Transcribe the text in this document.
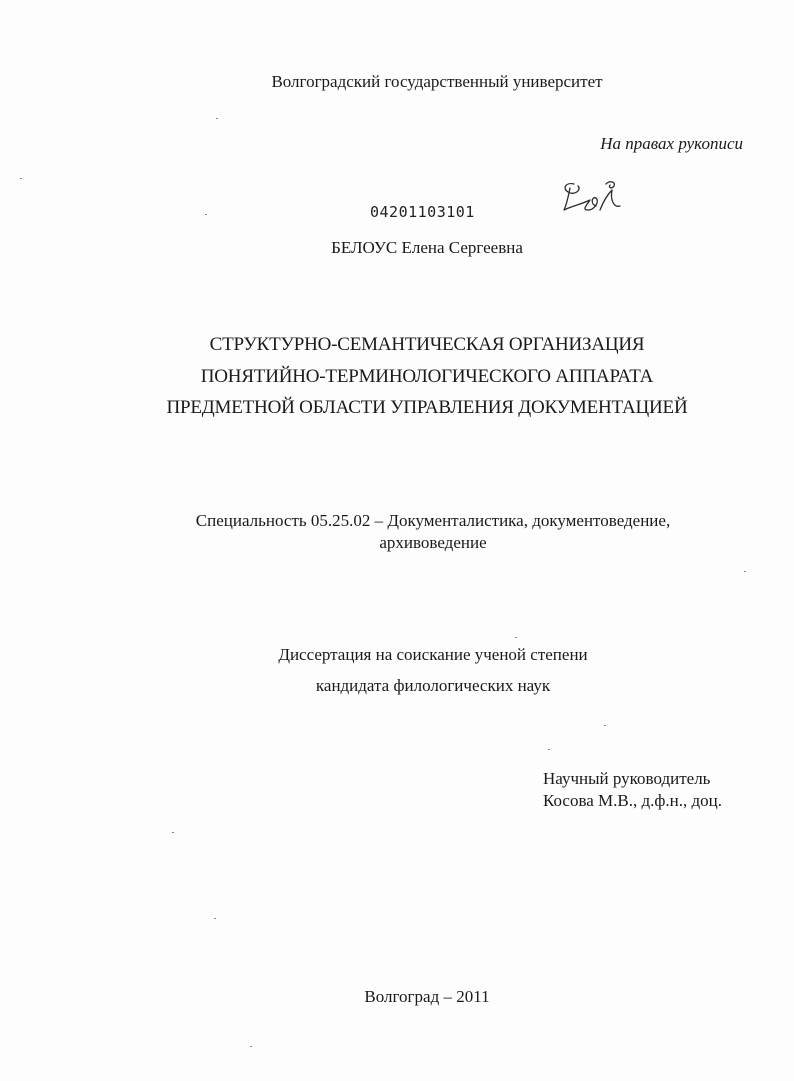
Волгоградский государственный университет
На правах рукописи
04201103101
БЕЛОУС Елена Сергеевна
СТРУКТУРНО-СЕМАНТИЧЕСКАЯ ОРГАНИЗАЦИЯ
ПОНЯТИЙНО-ТЕРМИНОЛОГИЧЕСКОГО АППАРАТА
ПРЕДМЕТНОЙ ОБЛАСТИ УПРАВЛЕНИЯ ДОКУМЕНТАЦИЕЙ
Специальность 05.25.02 – Документалистика, документоведение,
архивоведение
Диссертация на соискание ученой степени
кандидата филологических наук
Научный руководитель
Косова М.В., д.ф.н., доц.
Волгоград – 2011
